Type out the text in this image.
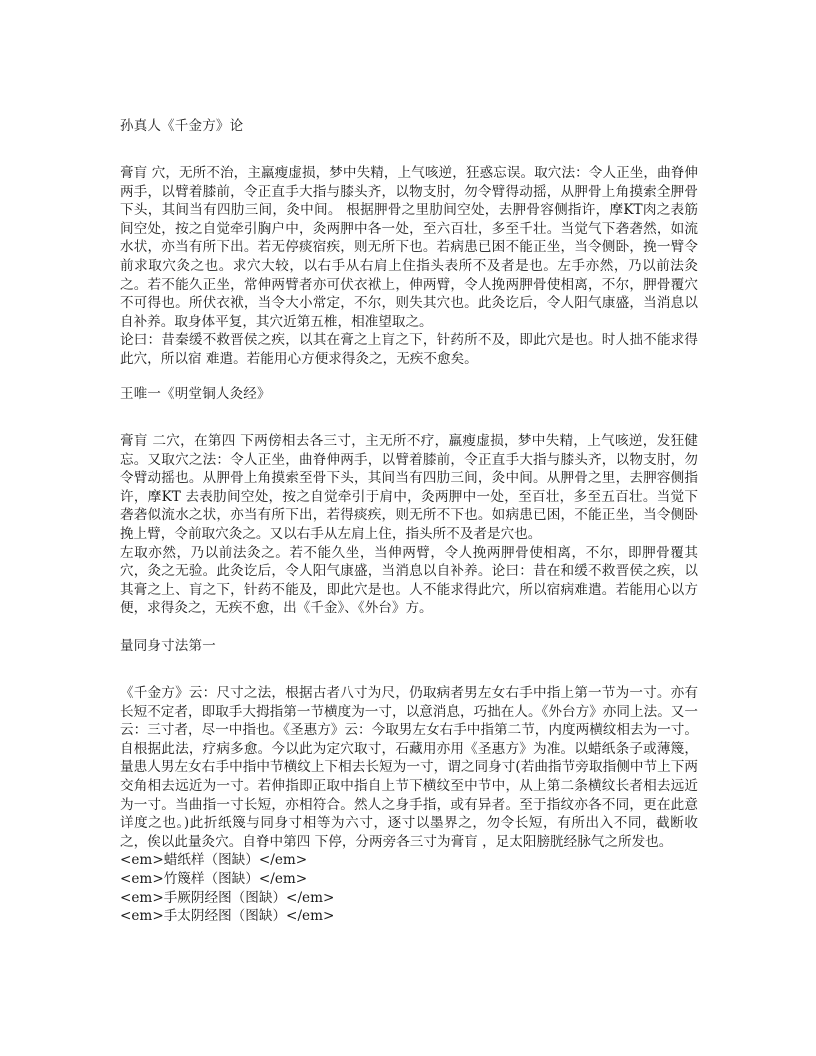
孙真人《千金方》论

膏肓 穴，无所不治，主羸瘦虚损，梦中失精，上气咳逆，狂惑忘误。取穴法：令人正坐，曲脊伸两手，以臂着膝前，令正直手大指与膝头齐，以物支肘，勿令臂得动摇，从胛骨上角摸索全胛骨下头，其间当有四肋三间，灸中间。 根据胛骨之里肋间空处，去胛骨容侧指许，摩KT肉之表筋间空处，按之自觉牵引胸户中，灸两胛中各一处，至六百壮，多至千壮。当觉气下砻砻然，如流水状，亦当有所下出。若无停痰宿疾，则无所下也。若病患已困不能正坐，当令侧卧，挽一臂令前求取穴灸之也。求穴大较，以右手从右肩上住指头表所不及者是也。左手亦然，乃以前法灸之。若不能久正坐，常伸两臂者亦可伏衣袱上，伸两臂，令人挽两胛骨使相离，不尔，胛骨覆穴不可得也。所伏衣袱，当令大小常定，不尔，则失其穴也。此灸讫后，令人阳气康盛，当消息以自补养。取身体平复，其穴近第五椎，相准望取之。

论曰：昔秦缓不救晋侯之疾，以其在膏之上肓之下，针药所不及，即此穴是也。时人拙不能求得此穴，所以宿 难遣。若能用心方便求得灸之，无疾不愈矣。

王唯一《明堂铜人灸经》

膏肓 二穴，在第四 下两傍相去各三寸，主无所不疗，羸瘦虚损，梦中失精，上气咳逆，发狂健忘。又取穴之法：令人正坐，曲脊伸两手，以臂着膝前，令正直手大指与膝头齐，以物支肘，勿令臂动摇也。从胛骨上角摸索至骨下头，其间当有四肋三间，灸中间。从胛骨之里，去胛容侧指许，摩KT 去表肋间空处，按之自觉牵引于肩中，灸两胛中一处，至百壮，多至五百壮。当觉下砻砻似流水之状，亦当有所下出，若得痰疾，则无所不下也。如病患已困，不能正坐，当令侧卧挽上臂，令前取穴灸之。又以右手从左肩上住，指头所不及者是穴也。

左取亦然，乃以前法灸之。若不能久坐，当伸两臂，令人挽两胛骨使相离，不尔，即胛骨覆其穴，灸之无验。此灸讫后，令人阳气康盛，当消息以自补养。论曰：昔在和缓不救晋侯之疾，以其膏之上、肓之下，针药不能及，即此穴是也。人不能求得此穴，所以宿病难遣。若能用心以方便，求得灸之，无疾不愈，出《千金》、《外台》方。

量同身寸法第一

《千金方》云：尺寸之法，根据古者八寸为尺，仍取病者男左女右手中指上第一节为一寸。亦有长短不定者，即取手大拇指第一节横度为一寸，以意消息，巧拙在人。《外台方》亦同上法。又一云：三寸者，尽一中指也。《圣惠方》云：今取男左女右手中指第二节，内度两横纹相去为一寸。自根据此法，疗病多愈。今以此为定穴取寸，石藏用亦用《圣惠方》为准。以蜡纸条子或薄篾，量患人男左女右手中指中节横纹上下相去长短为一寸，谓之同身寸(若曲指节旁取指侧中节上下两交角相去远近为一寸。若伸指即正取中指自上节下横纹至中节中，从上第二条横纹长者相去远近为一寸。当曲指一寸长短，亦相符合。然人之身手指，或有异者。至于指纹亦各不同，更在此意详度之也。)此折纸篾与同身寸相等为六寸，逐寸以墨界之，勿令长短，有所出入不同，截断收之，俟以此量灸穴。自脊中第四 下停，分两旁各三寸为膏肓 ，足太阳膀胱经脉气之所发也。

<em>蜡纸样（图缺）</em>

<em>竹篾样（图缺）</em>

<em>手厥阴经图（图缺）</em>

<em>手太阴经图（图缺）</em>
